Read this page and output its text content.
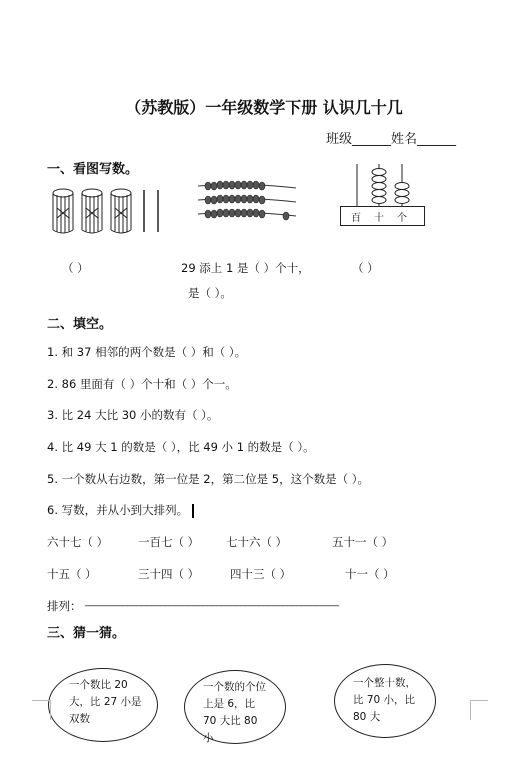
（苏教版）一年级数学下册 认识几十几
班级______姓名______
一、看图写数。
百 十 个
（ ）	29 添上 1 是（ ）个十，
是（ ）。
（ ）
二、填空。
1. 和 37 相邻的两个数是（ ）和（ ）。
2. 86 里面有（ ）个十和（ ）个一。
3. 比 24 大比 30 小的数有（ ）。
4. 比 49 大 1 的数是（ ），比 49 小 1 的数是（ ）。
5. 一个数从右边数，第一位是 2，第二位是 5，这个数是（ ）。
6. 写数，并从小到大排列。
六十七（ ）	一百七（ ） 七十六（ ）	五十一（ ）
十五（ ）	三十四（ ）	四十三（ ）	十一（ ）
排列： ______________________________________________________
三、猜一猜。
一个数比 20 大，比 27 小是双数
一个数的个位上是 6，比 70 大比 80 小
一个整十数，比 70 小，比 80 大
